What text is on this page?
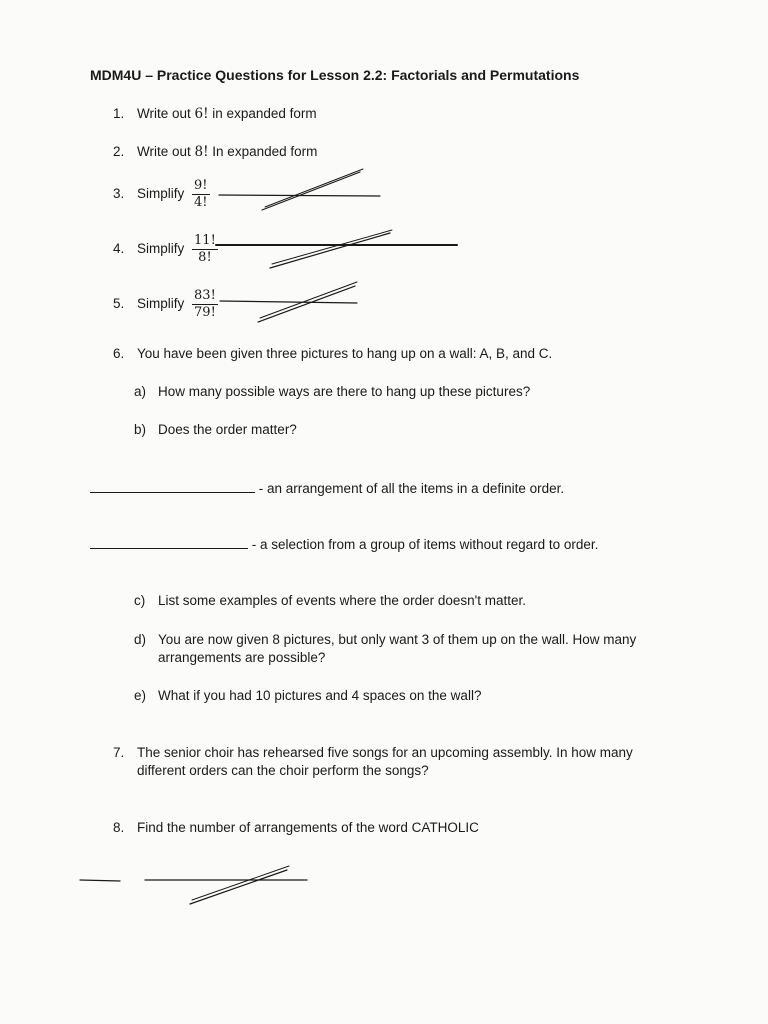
MDM4U – Practice Questions for Lesson 2.2: Factorials and Permutations
1. Write out 6! in expanded form
2. Write out 8! In expanded form
3. Simplify $\frac{9!}{4!}$
4. Simplify $\frac{11!}{8!}$
5. Simplify $\frac{83!}{79!}$
6. You have been given three pictures to hang up on a wall: A, B, and C.
a) How many possible ways are there to hang up these pictures?
b) Does the order matter?
- an arrangement of all the items in a definite order.
- a selection from a group of items without regard to order.
c) List some examples of events where the order doesn't matter.
d) You are now given 8 pictures, but only want 3 of them up on the wall. How many arrangements are possible?
e) What if you had 10 pictures and 4 spaces on the wall?
7. The senior choir has rehearsed five songs for an upcoming assembly. In how many different orders can the choir perform the songs?
8. Find the number of arrangements of the word CATHOLIC
